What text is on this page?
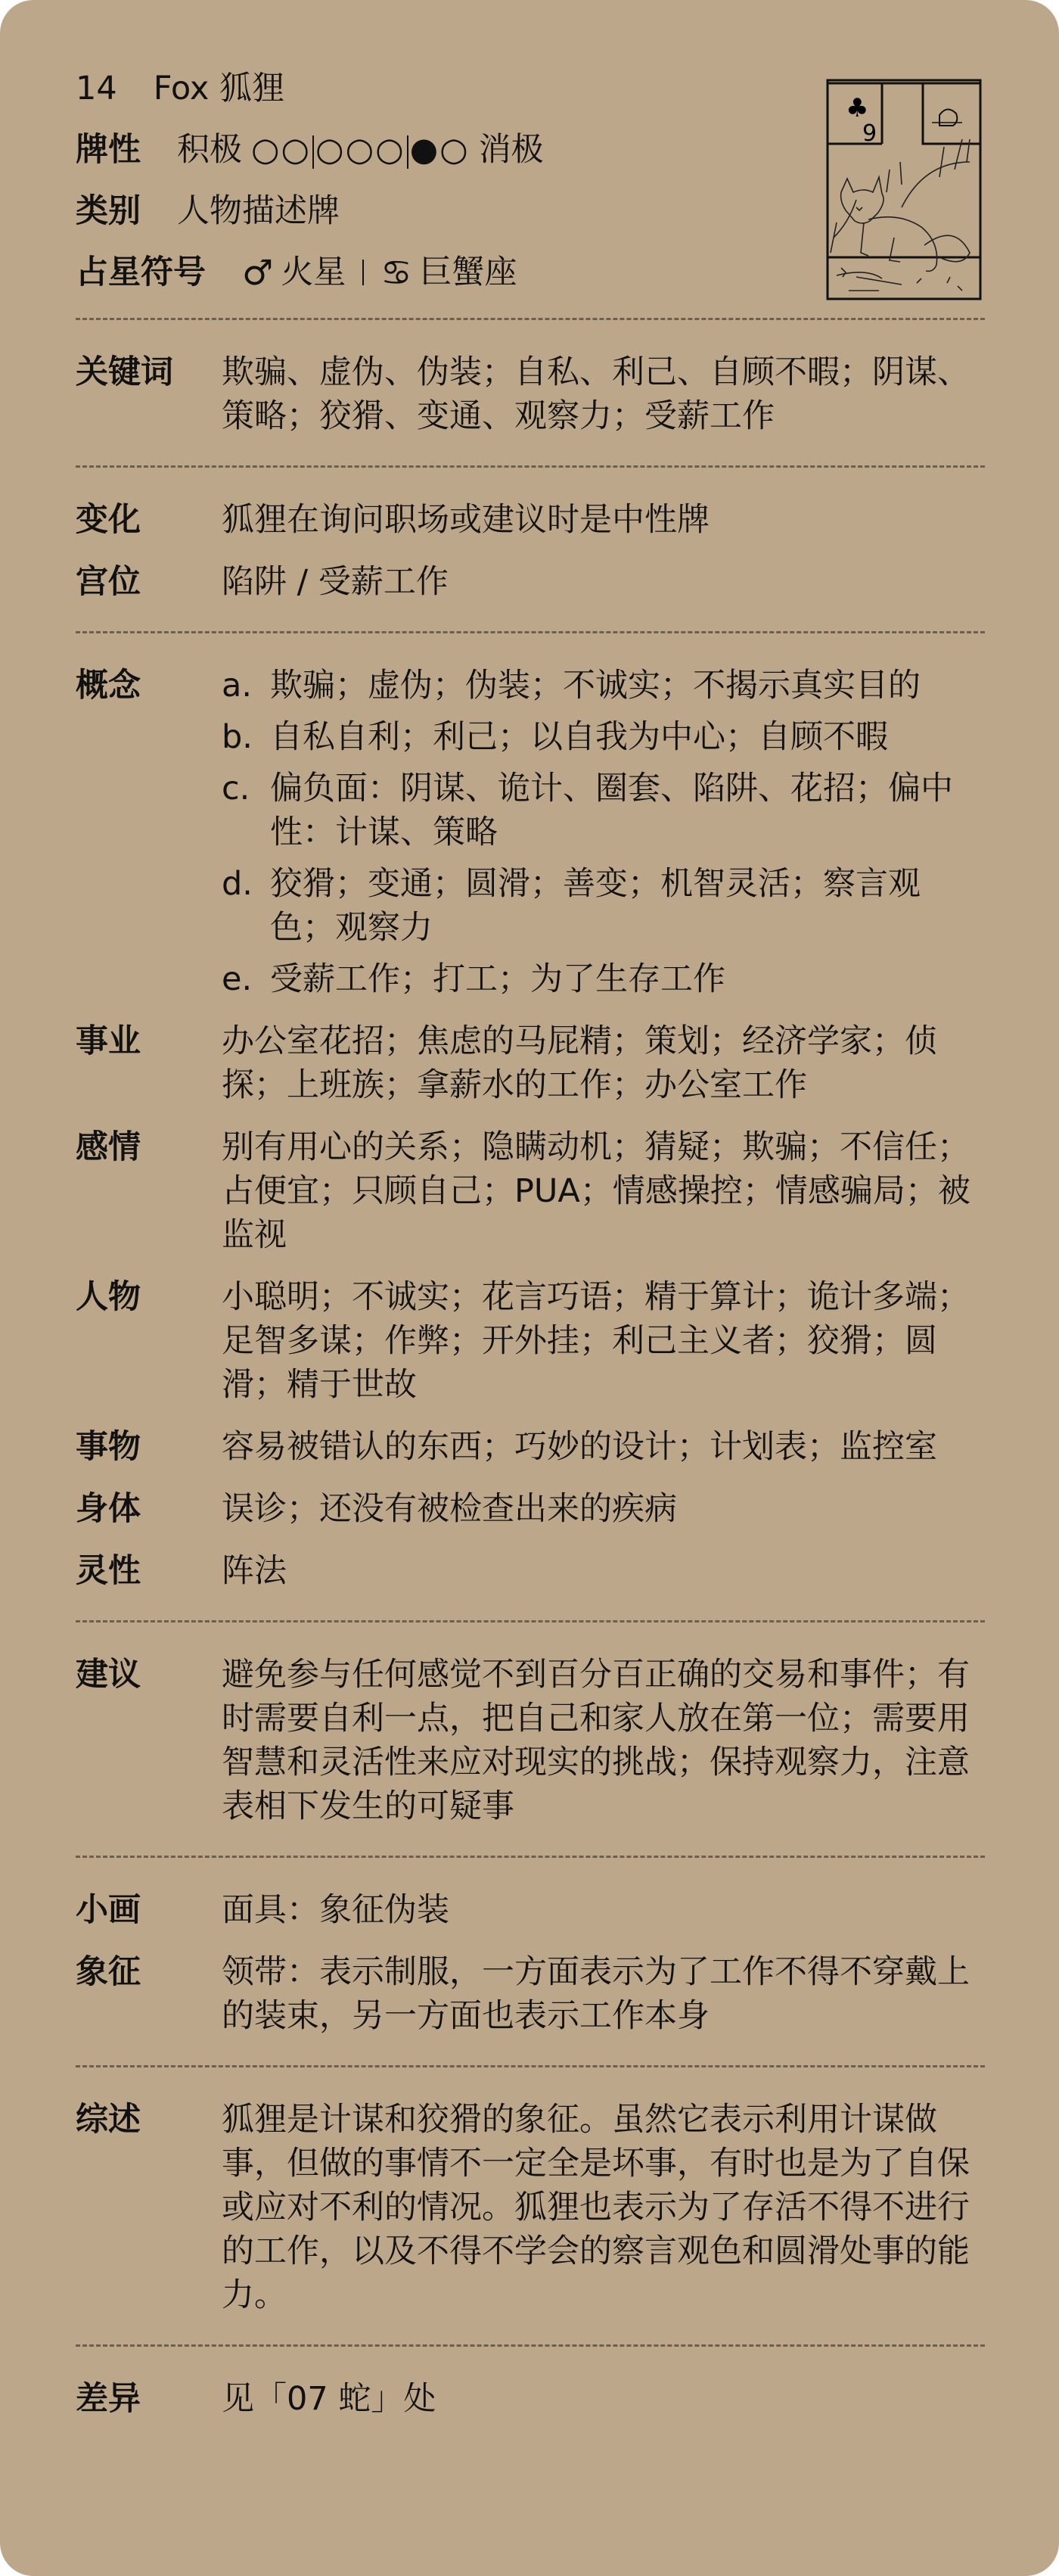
14 Fox 狐狸
牌性 积极 ○○ ○○○ ●○ 消极
类别 人物描述牌
占星符号 ♂ 火星 ♋ 巨蟹座
♣
9
关键词	欺骗、虚伪、伪装；自私、利己、自顾不暇；阴谋、策略；狡猾、变通、观察力；受薪工作
变化	狐狸在询问职场或建议时是中性牌
宫位	陷阱 / 受薪工作
概念	a. 欺骗；虚伪；伪装；不诚实；不揭示真实目的
b. 自私自利；利己；以自我为中心；自顾不暇
c. 偏负面：阴谋、诡计、圈套、陷阱、花招；偏中性：计谋、策略
d. 狡猾；变通；圆滑；善变；机智灵活；察言观色；观察力
e. 受薪工作；打工；为了生存工作
事业	办公室花招；焦虑的马屁精；策划；经济学家；侦探；上班族；拿薪水的工作；办公室工作
感情	别有用心的关系；隐瞒动机；猜疑；欺骗；不信任；占便宜；只顾自己；PUA；情感操控；情感骗局；被监视
人物	小聪明；不诚实；花言巧语；精于算计；诡计多端；足智多谋；作弊；开外挂；利己主义者；狡猾；圆滑；精于世故
事物	容易被错认的东西；巧妙的设计；计划表；监控室
身体	误诊；还没有被检查出来的疾病
灵性	阵法
建议	避免参与任何感觉不到百分百正确的交易和事件；有时需要自利一点，把自己和家人放在第一位；需要用智慧和灵活性来应对现实的挑战；保持观察力，注意表相下发生的可疑事
小画	面具：象征伪装
象征	领带：表示制服，一方面表示为了工作不得不穿戴上的装束，另一方面也表示工作本身
综述	狐狸是计谋和狡猾的象征。虽然它表示利用计谋做事，但做的事情不一定全是坏事，有时也是为了自保或应对不利的情况。狐狸也表示为了存活不得不进行的工作，以及不得不学会的察言观色和圆滑处事的能力。
差异	见「07 蛇」处
